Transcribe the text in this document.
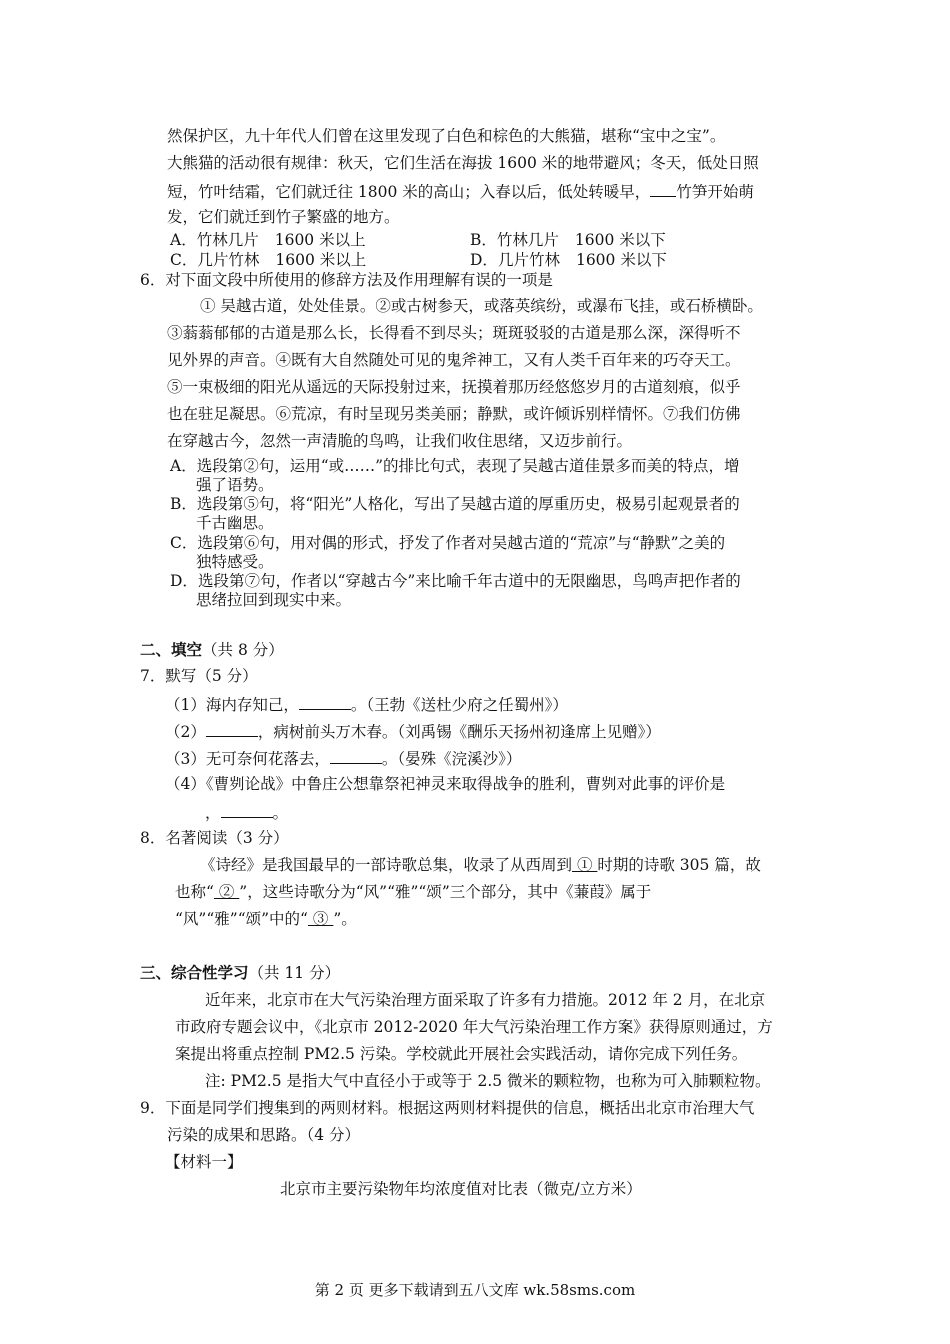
然保护区，九十年代人们曾在这里发现了白色和棕色的大熊猫，堪称“宝中之宝”。
大熊猫的活动很有规律：秋天，它们生活在海拔 1600 米的地带避风；冬天，低处日照
短，竹叶结霜，它们就迁往 1800 米的高山；入春以后，低处转暖早， 竹笋开始萌
发，它们就迁到竹子繁盛的地方。
A．竹林几片 1600 米以上	B．竹林几片 1600 米以下
C．几片竹林 1600 米以上	D．几片竹林 1600 米以下
6．对下面文段中所使用的修辞方法及作用理解有误的一项是
① 吴越古道，处处佳景。②或古树参天，或落英缤纷，或瀑布飞挂，或石桥横卧。
③蓊蓊郁郁的古道是那么长，长得看不到尽头；斑斑驳驳的古道是那么深，深得听不
见外界的声音。④既有大自然随处可见的鬼斧神工，又有人类千百年来的巧夺天工。
⑤一束极细的阳光从遥远的天际投射过来，抚摸着那历经悠悠岁月的古道刻痕，似乎
也在驻足凝思。⑥荒凉，有时呈现另类美丽；静默，或许倾诉别样情怀。⑦我们仿佛
在穿越古今，忽然一声清脆的鸟鸣，让我们收住思绪，又迈步前行。
A．选段第②句，运用“或……”的排比句式，表现了吴越古道佳景多而美的特点，增
强了语势。
B．选段第⑤句，将“阳光”人格化，写出了吴越古道的厚重历史，极易引起观景者的
千古幽思。
C．选段第⑥句，用对偶的形式，抒发了作者对吴越古道的“荒凉”与“静默”之美的
独特感受。
D．选段第⑦句，作者以“穿越古今”来比喻千年古道中的无限幽思，鸟鸣声把作者的
思绪拉回到现实中来。
二、填空（共 8 分）
7．默写（5 分）
（1）海内存知己，	。（王勃《送杜少府之任蜀州》）
（2）	，病树前头万木春。（刘禹锡《酬乐天扬州初逢席上见赠》）
（3）无可奈何花落去，	。（晏殊《浣溪沙》）
（4）《曹刿论战》中鲁庄公想靠祭祀神灵来取得战争的胜利，曹刿对此事的评价是
，	。
8．名著阅读（3 分）
《诗经》是我国最早的一部诗歌总集，收录了从西周到 ① 时期的诗歌 305 篇，故
也称“ ② ”，这些诗歌分为“风”“雅”“颂”三个部分，其中《蒹葭》属于
“风”“雅”“颂”中的“ ③ ”。
三、综合性学习（共 11 分）
近年来，北京市在大气污染治理方面采取了许多有力措施。2012 年 2 月，在北京
市政府专题会议中，《北京市 2012-2020 年大气污染治理工作方案》获得原则通过，方
案提出将重点控制 PM2.5 污染。学校就此开展社会实践活动，请你完成下列任务。
注: PM2.5 是指大气中直径小于或等于 2.5 微米的颗粒物，也称为可入肺颗粒物。
9．下面是同学们搜集到的两则材料。根据这两则材料提供的信息，概括出北京市治理大气
污染的成果和思路。（4 分）
【材料一】
北京市主要污染物年均浓度值对比表（微克/立方米）
第 2 页 更多下载请到五八文库 wk.58sms.com
